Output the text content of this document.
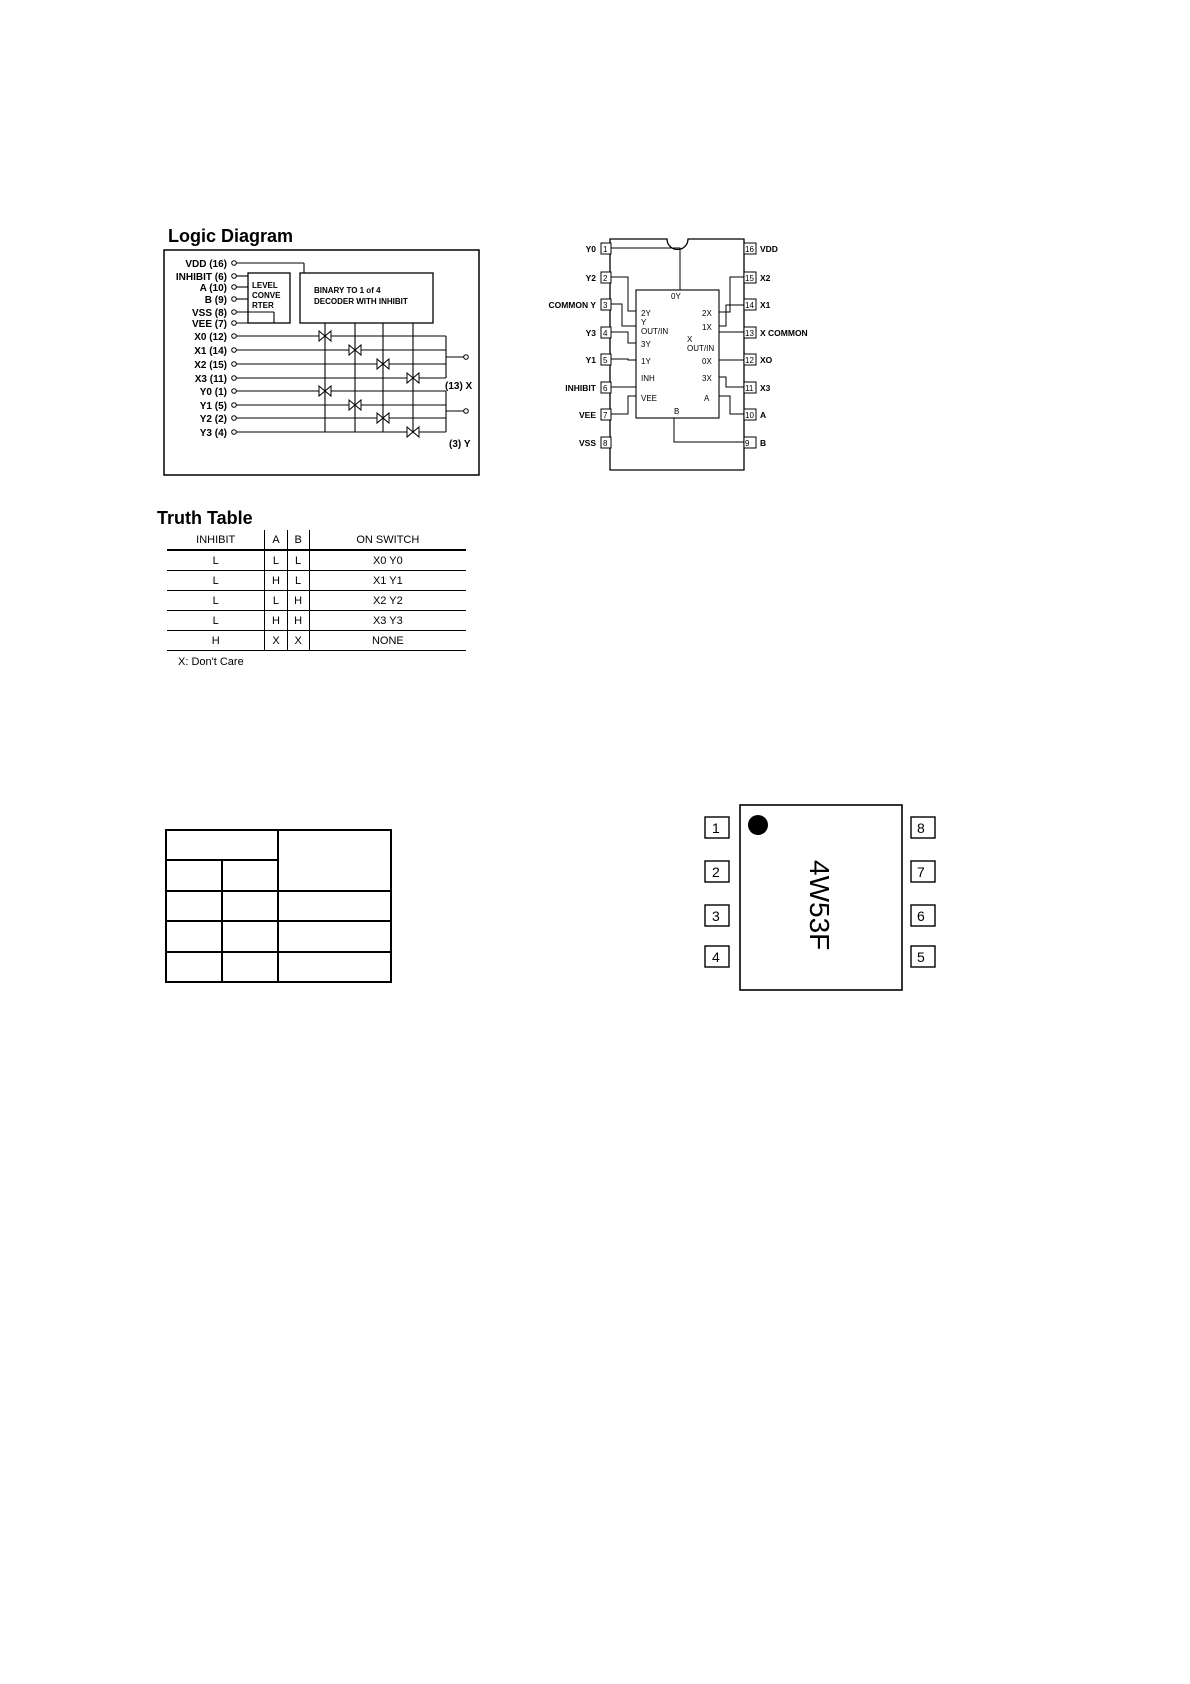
Logic Diagram
LEVEL
CONVE
RTER
BINARY TO 1 of 4
DECODER WITH INHIBIT
VDD (16)
INHIBIT (6)
A (10)
B (9)
VSS (8)
VEE (7)
X0 (12)
X1 (14)
X2 (15)
X3 (11)
Y0 (1)
Y1 (5)
Y2 (2)
Y3 (4)
(13) X
(3) Y
1
Y0
2
Y2
3
COMMON Y
4
Y3
5
Y1
6
INHIBIT
7
VEE
8
VSS
16 VDD
15 X2
14 X1
13 X COMMON
12 XO
11 X3
10 A
9 B
0Y
2Y
Y
OUT/IN
3Y
1Y
INH
VEE
2X
1X
X
OUT/IN
0X
3X
A
B
Truth Table
INHIBIT	A	B	ON SWITCH
L	L	L	X0 Y0
L	H	L	X1 Y1
L	L	H	X2 Y2
L	H	H	X3 Y3
H	X	X	NONE
X: Don't Care
4W53F
1
2
3
4
8
7
6
5
